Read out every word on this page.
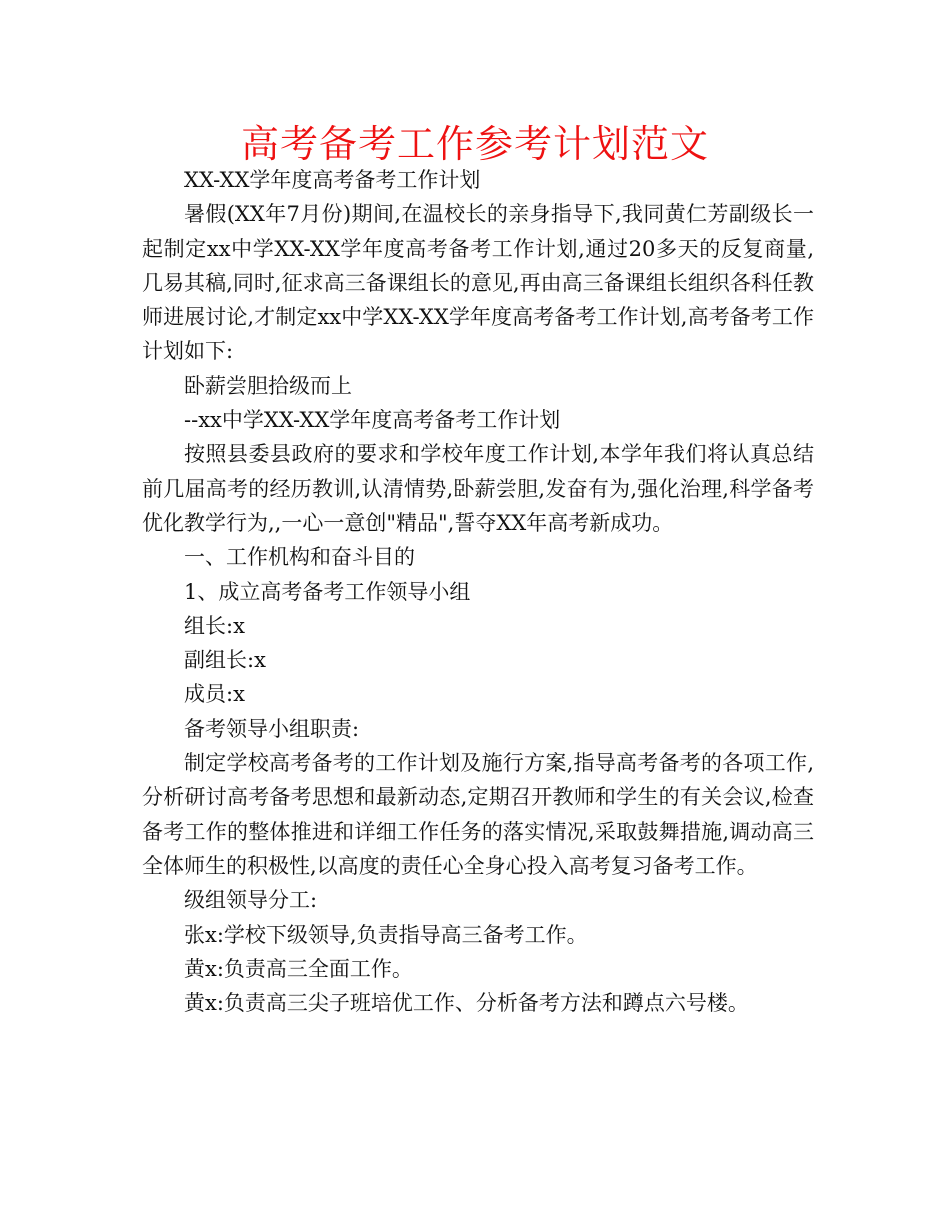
高考备考工作参考计划范文

XX-XX学年度高考备考工作计划

暑假(XX年7月份)期间,在温校长的亲身指导下,我同黄仁芳副级长一起制定xx中学XX-XX学年度高考备考工作计划,通过20多天的反复商量,几易其稿,同时,征求高三备课组长的意见,再由高三备课组长组织各科任教师进展讨论,才制定xx中学XX-XX学年度高考备考工作计划,高考备考工作计划如下:

卧薪尝胆拾级而上

--xx中学XX-XX学年度高考备考工作计划

按照县委县政府的要求和学校年度工作计划,本学年我们将认真总结前几届高考的经历教训,认清情势,卧薪尝胆,发奋有为,强化治理,科学备考优化教学行为,,一心一意创"精品",誓夺XX年高考新成功。

一、工作机构和奋斗目的

1、成立高考备考工作领导小组

组长:x

副组长:x

成员:x

备考领导小组职责:

制定学校高考备考的工作计划及施行方案,指导高考备考的各项工作,分析研讨高考备考思想和最新动态,定期召开教师和学生的有关会议,检查备考工作的整体推进和详细工作任务的落实情况,采取鼓舞措施,调动高三全体师生的积极性,以高度的责任心全身心投入高考复习备考工作。

级组领导分工:

张x:学校下级领导,负责指导高三备考工作。

黄x:负责高三全面工作。

黄x:负责高三尖子班培优工作、分析备考方法和蹲点六号楼。
